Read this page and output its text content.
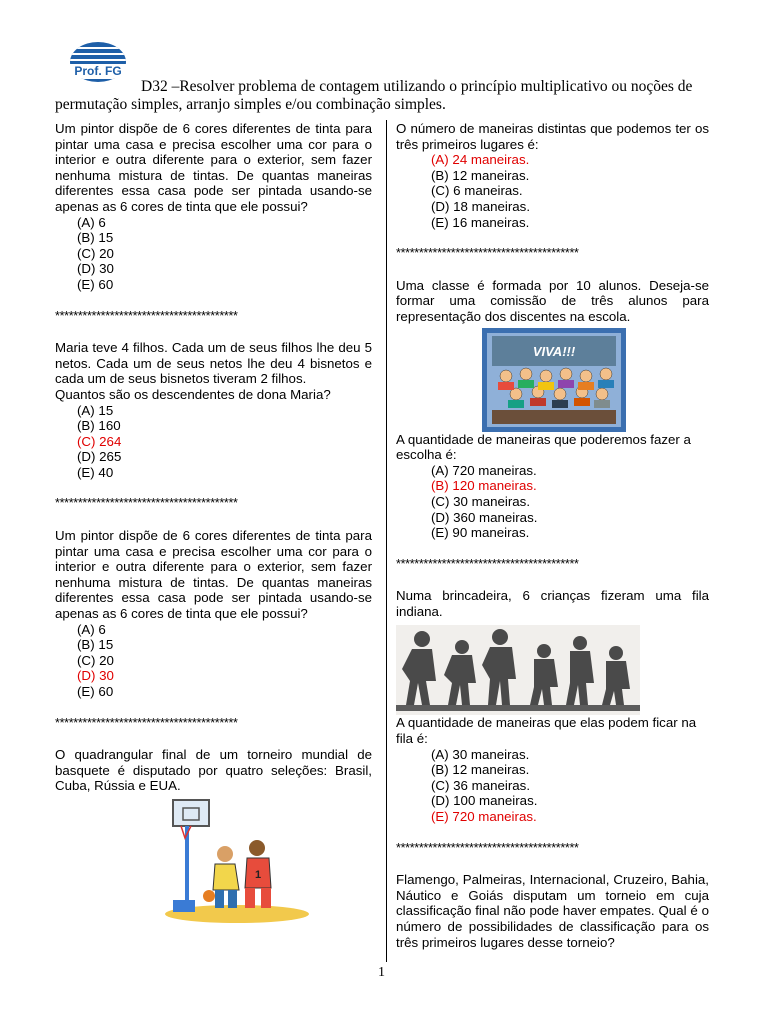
Prof. FG
D32 –Resolver problema de contagem utilizando o princípio multiplicativo ou noções de
permutação simples, arranjo simples e/ou combinação simples.
Um pintor dispõe de 6 cores diferentes de tinta para pintar uma casa e precisa escolher uma cor para o interior e outra diferente para o exterior, sem fazer nenhuma mistura de tintas. De quantas maneiras diferentes essa casa pode ser pintada usando-se apenas as 6 cores de tinta que ele possui?
(A) 6
(B) 15
(C) 20
(D) 30
(E) 60
****************************************
Maria teve 4 filhos. Cada um de seus filhos lhe deu 5 netos. Cada um de seus netos lhe deu 4 bisnetos e cada um de seus bisnetos tiveram 2 filhos.
Quantos são os descendentes de dona Maria?
(A) 15
(B) 160
(C) 264
(D) 265
(E) 40
****************************************
Um pintor dispõe de 6 cores diferentes de tinta para pintar uma casa e precisa escolher uma cor para o interior e outra diferente para o exterior, sem fazer nenhuma mistura de tintas. De quantas maneiras diferentes essa casa pode ser pintada usando-se apenas as 6 cores de tinta que ele possui?
(A) 6
(B) 15
(C) 20
(D) 30
(E) 60
****************************************
O quadrangular final de um torneiro mundial de basquete é disputado por quatro seleções: Brasil, Cuba, Rússia e EUA.
1
O número de maneiras distintas que podemos ter os três primeiros lugares é:
(A) 24 maneiras.
(B) 12 maneiras.
(C) 6 maneiras.
(D) 18 maneiras.
(E) 16 maneiras.
****************************************
Uma classe é formada por 10 alunos. Deseja-se formar uma comissão de três alunos para representação dos discentes na escola.
VIVA!!!
A quantidade de maneiras que poderemos fazer a escolha é:
(A) 720 maneiras.
(B) 120 maneiras.
(C) 30 maneiras.
(D) 360 maneiras.
(E) 90 maneiras.
****************************************
Numa brincadeira, 6 crianças fizeram uma fila indiana.
A quantidade de maneiras que elas podem ficar na fila é:
(A) 30 maneiras.
(B) 12 maneiras.
(C) 36 maneiras.
(D) 100 maneiras.
(E) 720 maneiras.
****************************************
Flamengo, Palmeiras, Internacional, Cruzeiro, Bahia, Náutico e Goiás disputam um torneio em cuja classificação final não pode haver empates. Qual é o número de possibilidades de classificação para os três primeiros lugares desse torneio?
1
